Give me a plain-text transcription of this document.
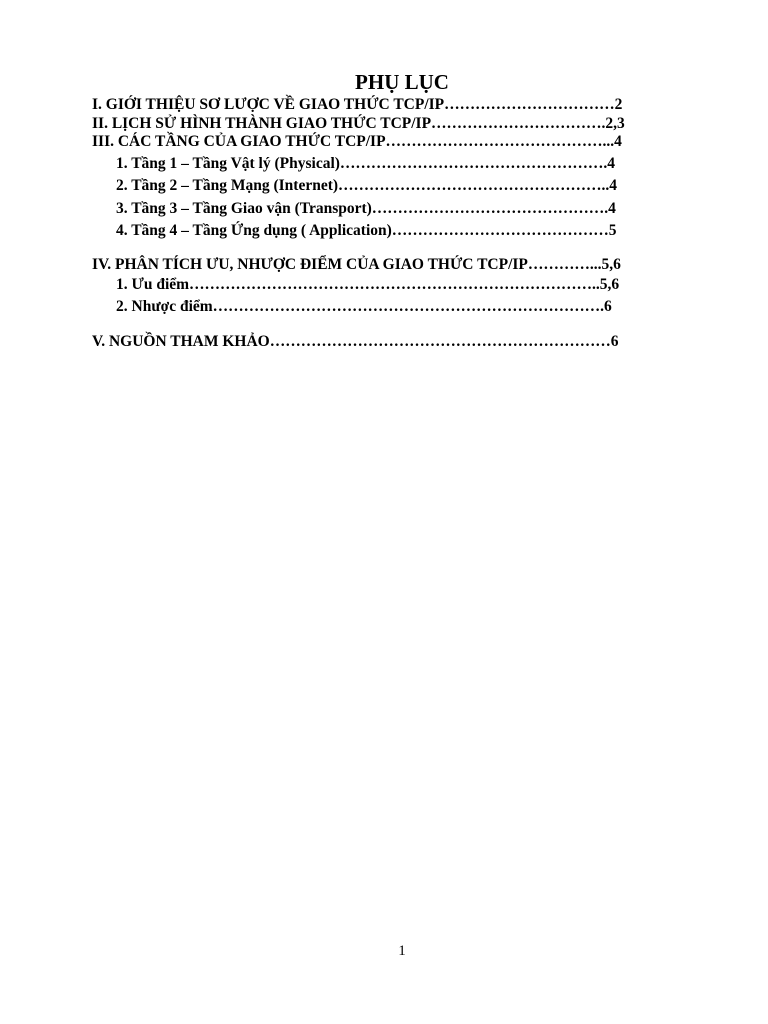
PHỤ LỤC
I. GIỚI THIỆU SƠ LƯỢC VỀ GIAO THỨC TCP/IP……………………………2
II. LỊCH SỬ HÌNH THÀNH GIAO THỨC TCP/IP…………………………….2,3
III. CÁC TẦNG CỦA GIAO THỨC TCP/IP……………………………………...4
1. Tầng 1 – Tầng Vật lý (Physical)…………………………………………….4
2. Tầng 2 – Tầng Mạng (Internet)……………………………………………..4
3. Tầng 3 – Tầng Giao vận (Transport)……………………………………….4
4. Tầng 4 – Tầng Ứng dụng ( Application)……………………………………5
IV. PHÂN TÍCH ƯU, NHƯỢC ĐIỂM CỦA GIAO THỨC TCP/IP…………...5,6
1. Ưu điểm……………………………………………………………………..5,6
2. Nhược điểm………………………………………………………………….6
V. NGUỒN THAM KHẢO…………………………………………………………6
1
